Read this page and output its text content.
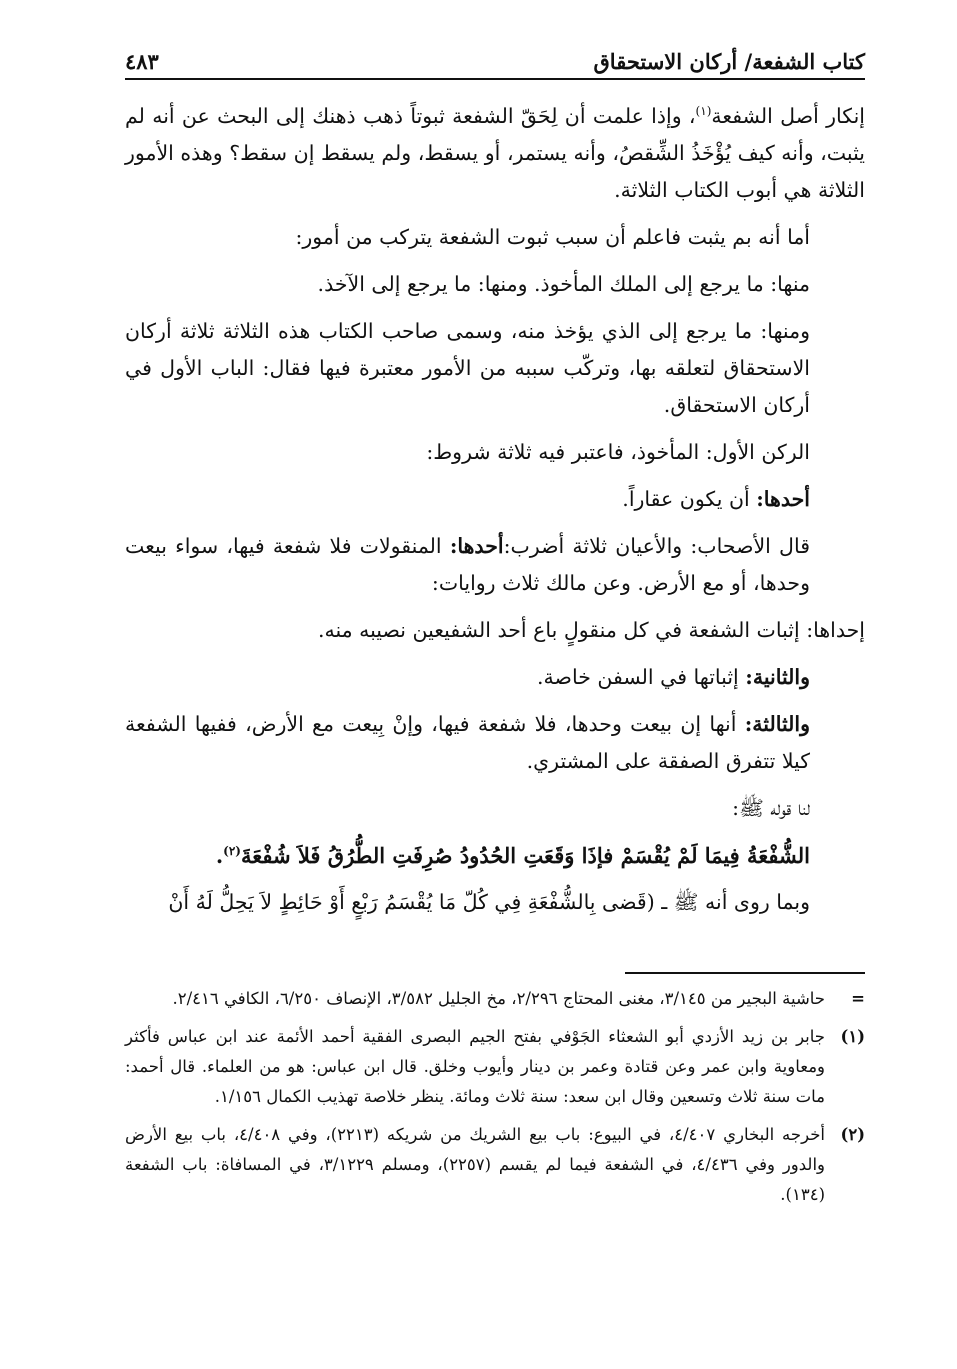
كتاب الشفعة/ أركان الاستحقاق
٤٨٣

إنكار أصل الشفعة$^{(١)}$، وإذا علمت أن لِحَقّ الشفعة ثبوتاً ذهب ذهنك إلى البحث عن أنه لم يثبت، وأنه كيف يُؤْخَذُ الشِّقصُ، وأنه يستمر، أو يسقط، ولم يسقط إن سقط؟ وهذه الأمور الثلاثة هي أبوب الكتاب الثلاثة.

أما أنه بم يثبت فاعلم أن سبب ثبوت الشفعة يتركب من أمور:

منها: ما يرجع إلى الملك المأخوذ. ومنها: ما يرجع إلى الآخذ.

ومنها: ما يرجع إلى الذي يؤخذ منه، وسمى صاحب الكتاب هذه الثلاثة ثلاثة أركان الاستحقاق لتعلقه بها، وتركّب سببه من الأمور معتبرة فيها فقال: الباب الأول في أركان الاستحقاق.

الركن الأول: المأخوذ، فاعتبر فيه ثلاثة شروط:

أحدها: أن يكون عقاراً.

قال الأصحاب: والأعيان ثلاثة أضرب:أحدها: المنقولات فلا شفعة فيها، سواء بيعت وحدها، أو مع الأرض. وعن مالك ثلاث روايات:

إحداها: إثبات الشفعة في كل منقولٍ باع أحد الشفيعين نصيبه منه.

والثانية: إثباتها في السفن خاصة.

والثالثة: أنها إن بيعت وحدها، فلا شفعة فيها، وإنْ بِيعت مع الأرض، ففيها الشفعة كيلا تتفرق الصفقة على المشتري.

لنا قوله ﷺ:

الشُّفْعَةُ فِيمَا لَمْ يُقْسَمْ فإذَا وَقَعَتِ الحُدُودُ صُرِفَتِ الطُّرُقُ فَلاَ شُفْعَةَ$^{(٢)}$.

وبما روى أنه ﷺ ـ (قَضى بِالشُّفْعَةِ فِي كُلّ مَا يُقْسَمُ رَبْعٍ أَوْ حَائِطٍ لاَ يَحِلُّ لَهُ أَنْ

=
حاشية البجير من ٣/١٤٥، مغنى المحتاج ٢/٢٩٦، مخ الجليل ٣/٥٨٢، الإنصاف ٦/٢٥٠، الكافي ٢/٤١٦.
(١)
جابر بن زيد الأزدي أبو الشعثاء الجَوْفي بفتح الجيم البصرى الفقية أحمد الأئمة عند ابن عباس فأكثر ومعاوية وابن عمر وعن قتادة وعمر بن دينار وأيوب وخلق. قال ابن عباس: هو من العلماء. قال أحمد: مات سنة ثلاث وتسعين وقال ابن سعد: سنة ثلاث ومائة. ينظر خلاصة تهذيب الكمال ١/١٥٦.
(٢)
أخرجه البخاري ٤/٤٠٧، في البيوع: باب بيع الشريك من شريكه (٢٢١٣)، وفي ٤/٤٠٨، باب بيع الأرض والدور وفي ٤/٤٣٦، في الشفعة فيما لم يقسم (٢٢٥٧)، ومسلم ٣/١٢٢٩، في المسافاة: باب الشفعة (١٣٤).
